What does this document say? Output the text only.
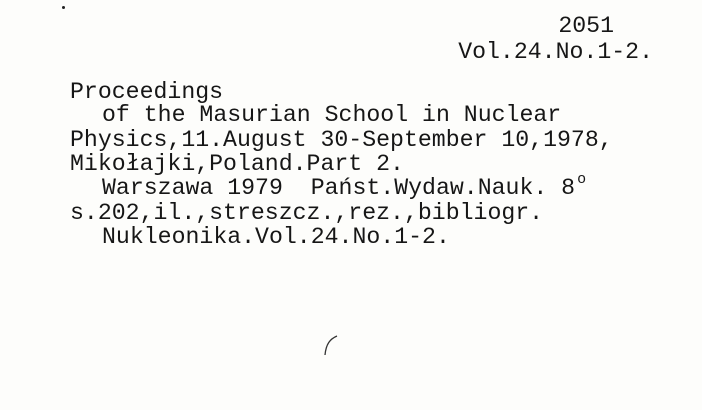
2051
Vol.24.No.1-2.
Proceedings
of the Masurian School in Nuclear
Physics,11.August 30-September 10,1978,
Mikołajki,Poland.Part 2.
Warszawa 1979  Państ.Wydaw.Nauk. 8 $^o$
s.202,il.,streszcz.,rez.,bibliogr.
Nukleonika.Vol.24.No.1-2.
